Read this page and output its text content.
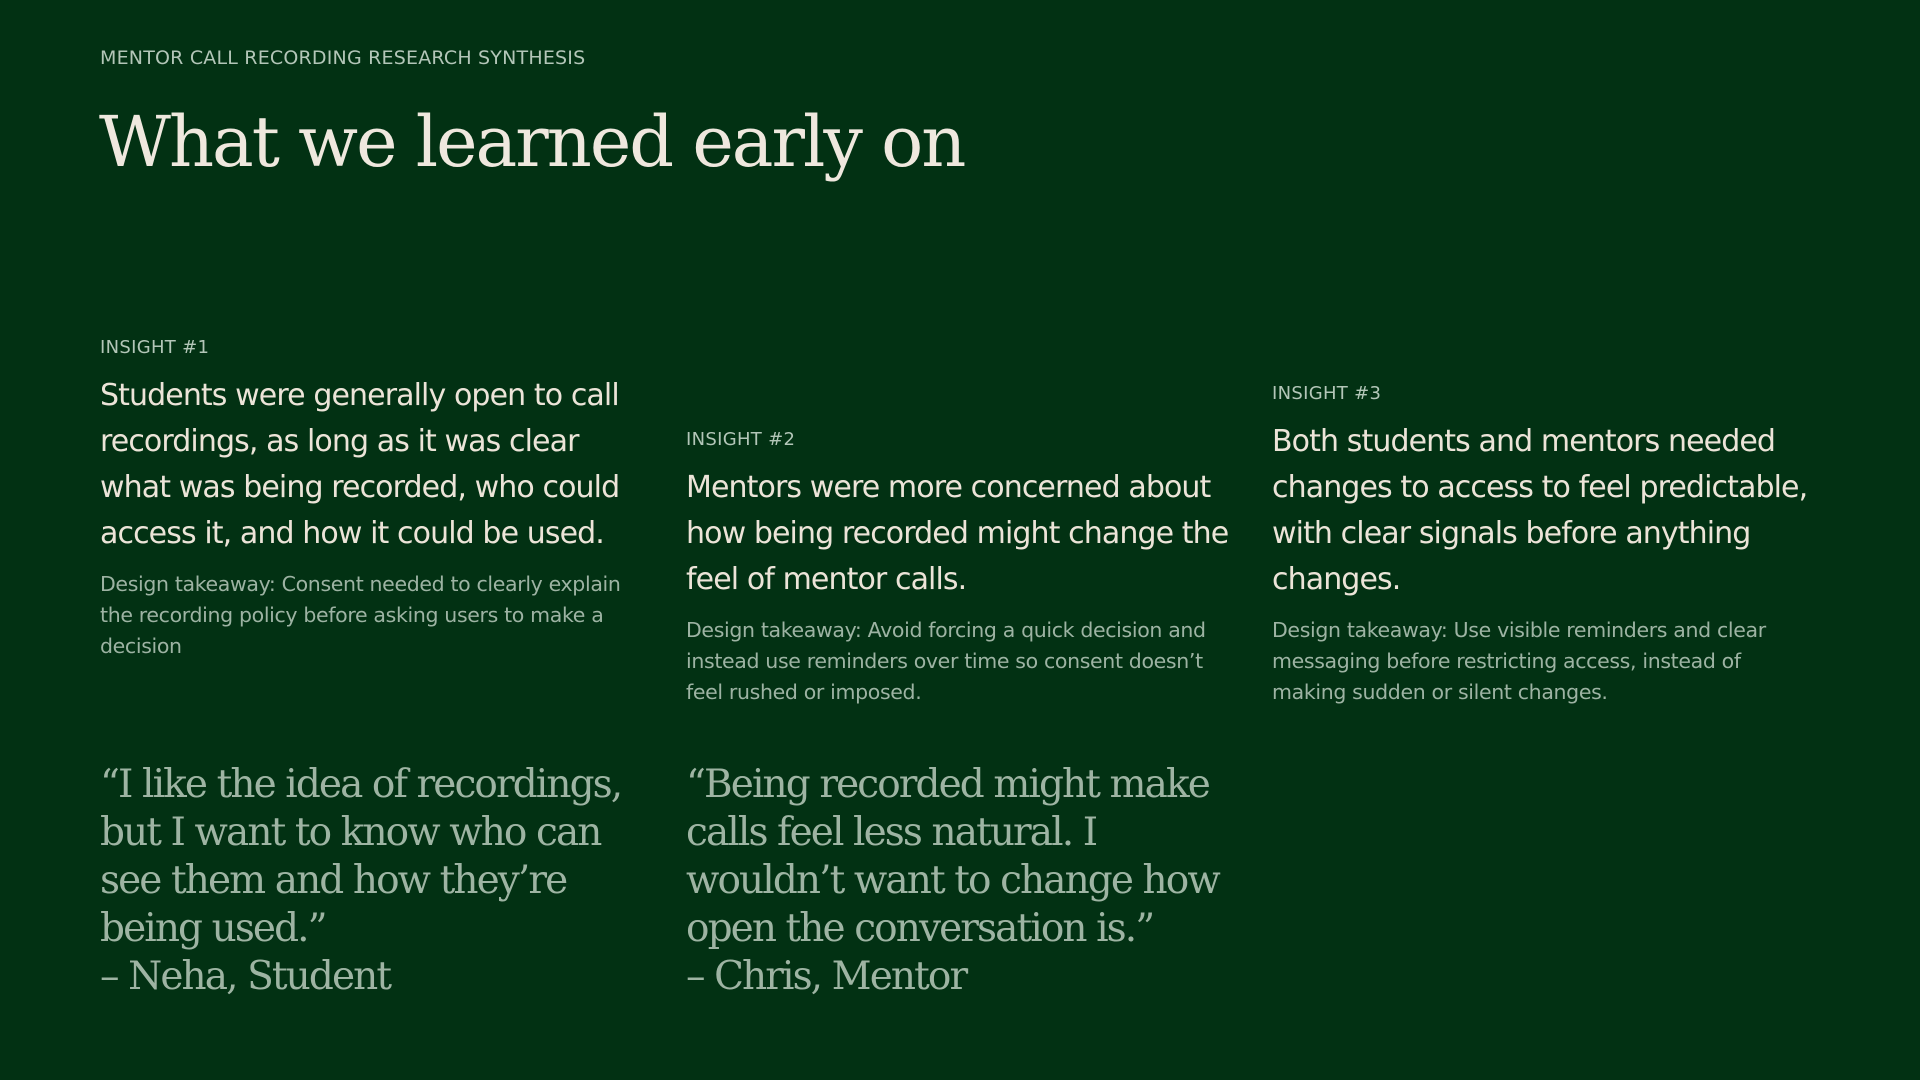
MENTOR CALL RECORDING RESEARCH SYNTHESIS
What we learned early on
INSIGHT #1

Students were generally open to call recordings, as long as it was clear what was being recorded, who could access it, and how it could be used.

Design takeaway: Consent needed to clearly explain the recording policy before asking users to make a decision

INSIGHT #2

Mentors were more concerned about how being recorded might change the feel of mentor calls.

Design takeaway: Avoid forcing a quick decision and instead use reminders over time so consent doesn’t feel rushed or imposed.

INSIGHT #3

Both students and mentors needed changes to access to feel predictable, with clear signals before anything changes.

Design takeaway: Use visible reminders and clear messaging before restricting access, instead of making sudden or silent changes.

“I like the idea of recordings, but I want to know who can see them and how they’re being used.”
– Neha, Student
“Being recorded might make calls feel less natural. I wouldn’t want to change how open the conversation is.”
– Chris, Mentor
